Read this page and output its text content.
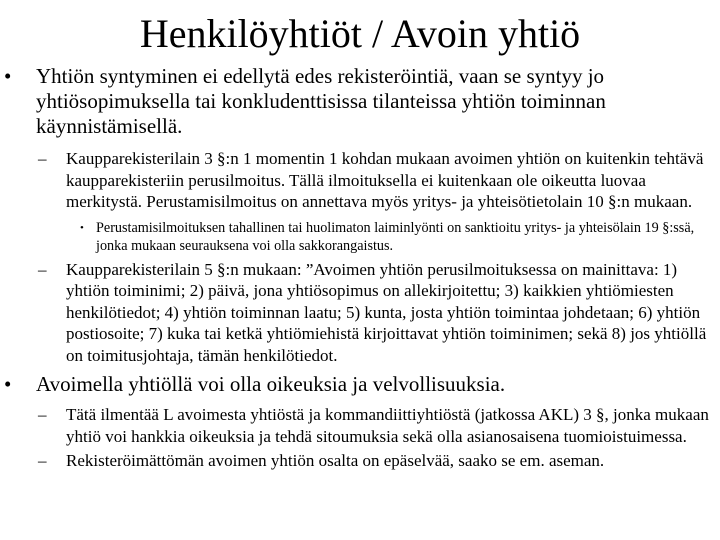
Henkilöyhtiöt / Avoin yhtiö
• Yhtiön syntyminen ei edellytä edes rekisteröintiä, vaan se syntyy jo yhtiösopimuksella tai konkludenttisissa tilanteissa yhtiön toiminnan käynnistämisellä.
– Kaupparekisterilain 3 §:n 1 momentin 1 kohdan mukaan avoimen yhtiön on kuitenkin tehtävä kaupparekisteriin perusilmoitus. Tällä ilmoituksella ei kuitenkaan ole oikeutta luovaa merkitystä. Perustamisilmoitus on annettava myös yritys- ja yhteisötietolain 10 §:n mukaan.
• Perustamisilmoituksen tahallinen tai huolimaton laiminlyönti on sanktioitu yritys- ja yhteisölain 19 §:ssä, jonka mukaan seurauksena voi olla sakkorangaistus.
– Kaupparekisterilain 5 §:n mukaan: ”Avoimen yhtiön perusilmoituksessa on mainittava: 1) yhtiön toiminimi; 2) päivä, jona yhtiösopimus on allekirjoitettu; 3) kaikkien yhtiömiesten henkilötiedot; 4) yhtiön toiminnan laatu; 5) kunta, josta yhtiön toimintaa johdetaan; 6) yhtiön postiosoite; 7) kuka tai ketkä yhtiömiehistä kirjoittavat yhtiön toiminimen; sekä 8) jos yhtiöllä on toimitusjohtaja, tämän henkilötiedot.
• Avoimella yhtiöllä voi olla oikeuksia ja velvollisuuksia.
– Tätä ilmentää L avoimesta yhtiöstä ja kommandiittiyhtiöstä (jatkossa AKL) 3 §, jonka mukaan yhtiö voi hankkia oikeuksia ja tehdä sitoumuksia sekä olla asianosaisena tuomioistuimessa.
– Rekisteröimättömän avoimen yhtiön osalta on epäselvää, saako se em. aseman.
